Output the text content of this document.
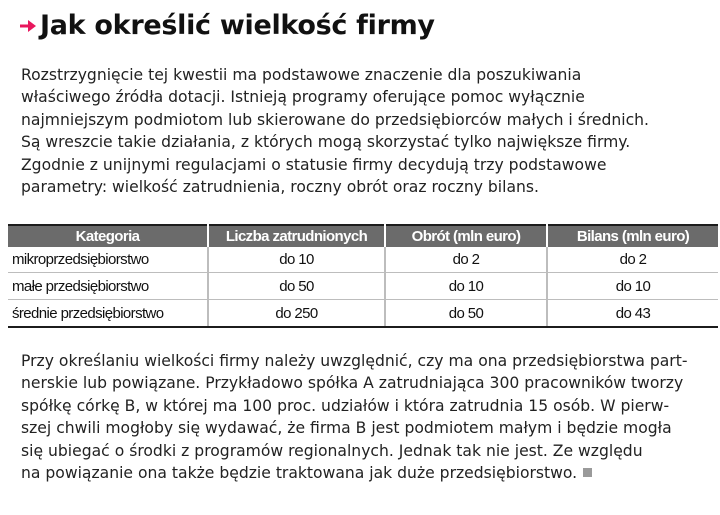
Jak określić wielkość firmy
Rozstrzygnięcie tej kwestii ma podstawowe znaczenie dla poszukiwania
właściwego źródła dotacji. Istnieją programy oferujące pomoc wyłącznie
najmniejszym podmiotom lub skierowane do przedsiębiorców małych i średnich.
Są wreszcie takie działania, z których mogą skorzystać tylko największe firmy.
Zgodnie z unijnymi regulacjami o statusie firmy decydują trzy podstawowe
parametry: wielkość zatrudnienia, roczny obrót oraz roczny bilans.
Kategoria	Liczba zatrudnionych	Obrót (mln euro)	Bilans (mln euro)
mikroprzedsiębiorstwo	do 10	do 2	do 2
małe przedsiębiorstwo	do 50	do 10	do 10
średnie przedsiębiorstwo	do 250	do 50	do 43
Przy określaniu wielkości firmy należy uwzględnić, czy ma ona przedsiębiorstwa part-
nerskie lub powiązane. Przykładowo spółka A zatrudniająca 300 pracowników tworzy
spółkę córkę B, w której ma 100 proc. udziałów i która zatrudnia 15 osób. W pierw-
szej chwili mogłoby się wydawać, że firma B jest podmiotem małym i będzie mogła
się ubiegać o środki z programów regionalnych. Jednak tak nie jest. Ze względu
na powiązanie ona także będzie traktowana jak duże przedsiębiorstwo.
